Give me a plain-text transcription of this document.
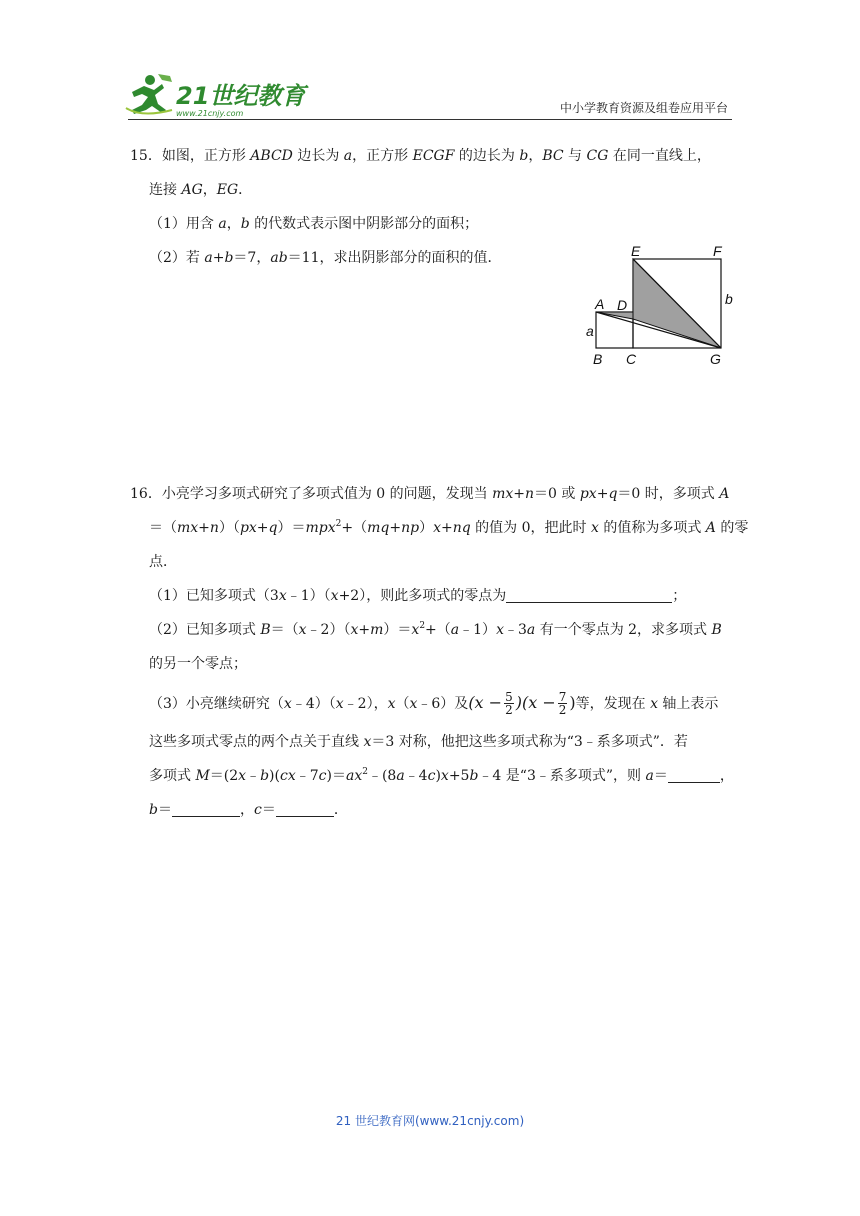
21世纪教育
www.21cnjy.com	中小学教育资源及组卷应用平台
15．如图，正方形 ABCD 边长为 a，正方形 ECGF 的边长为 b，BC 与 CG 在同一直线上，
连接 AG，EG．
（1）用含 a，b 的代数式表示图中阴影部分的面积；
（2）若 a+b＝7，ab＝11，求出阴影部分的面积的值．
A D
E	F
B C	G
a
b
16．小亮学习多项式研究了多项式值为 0 的问题，发现当 mx+n＝0 或 px+q＝0 时，多项式 A
＝（mx+n）（px+q）＝mpx$^2$+（mq+np）x+nq 的值为 0，把此时 x 的值称为多项式 A 的零
点．
（1）已知多项式（3x﹣1）（x+2），则此多项式的零点为	；
（2）已知多项式 $B=(x﹣2)(x+m)=x^2+(a﹣1)x﹣3a$ 有一个零点为 2，求多项式 B
的另一个零点；
（3）小亮继续研究（x﹣4）（x﹣2），x（x﹣6）及$(x - \frac{5}{2} )(x - \frac{7}{2}$ )等，发现在 x 轴上表示
这些多项式零点的两个点关于直线 x＝3 对称，他把这些多项式称为“3﹣系多项式”．若
多项式 $M=(2x﹣b)(cx﹣7c)=ax^2﹣(8a﹣4c)x+5b﹣4$ 是“3﹣系多项式”，则 a＝	，
b＝	，c＝	．
21 世纪教育网(www.21cnjy.com)
